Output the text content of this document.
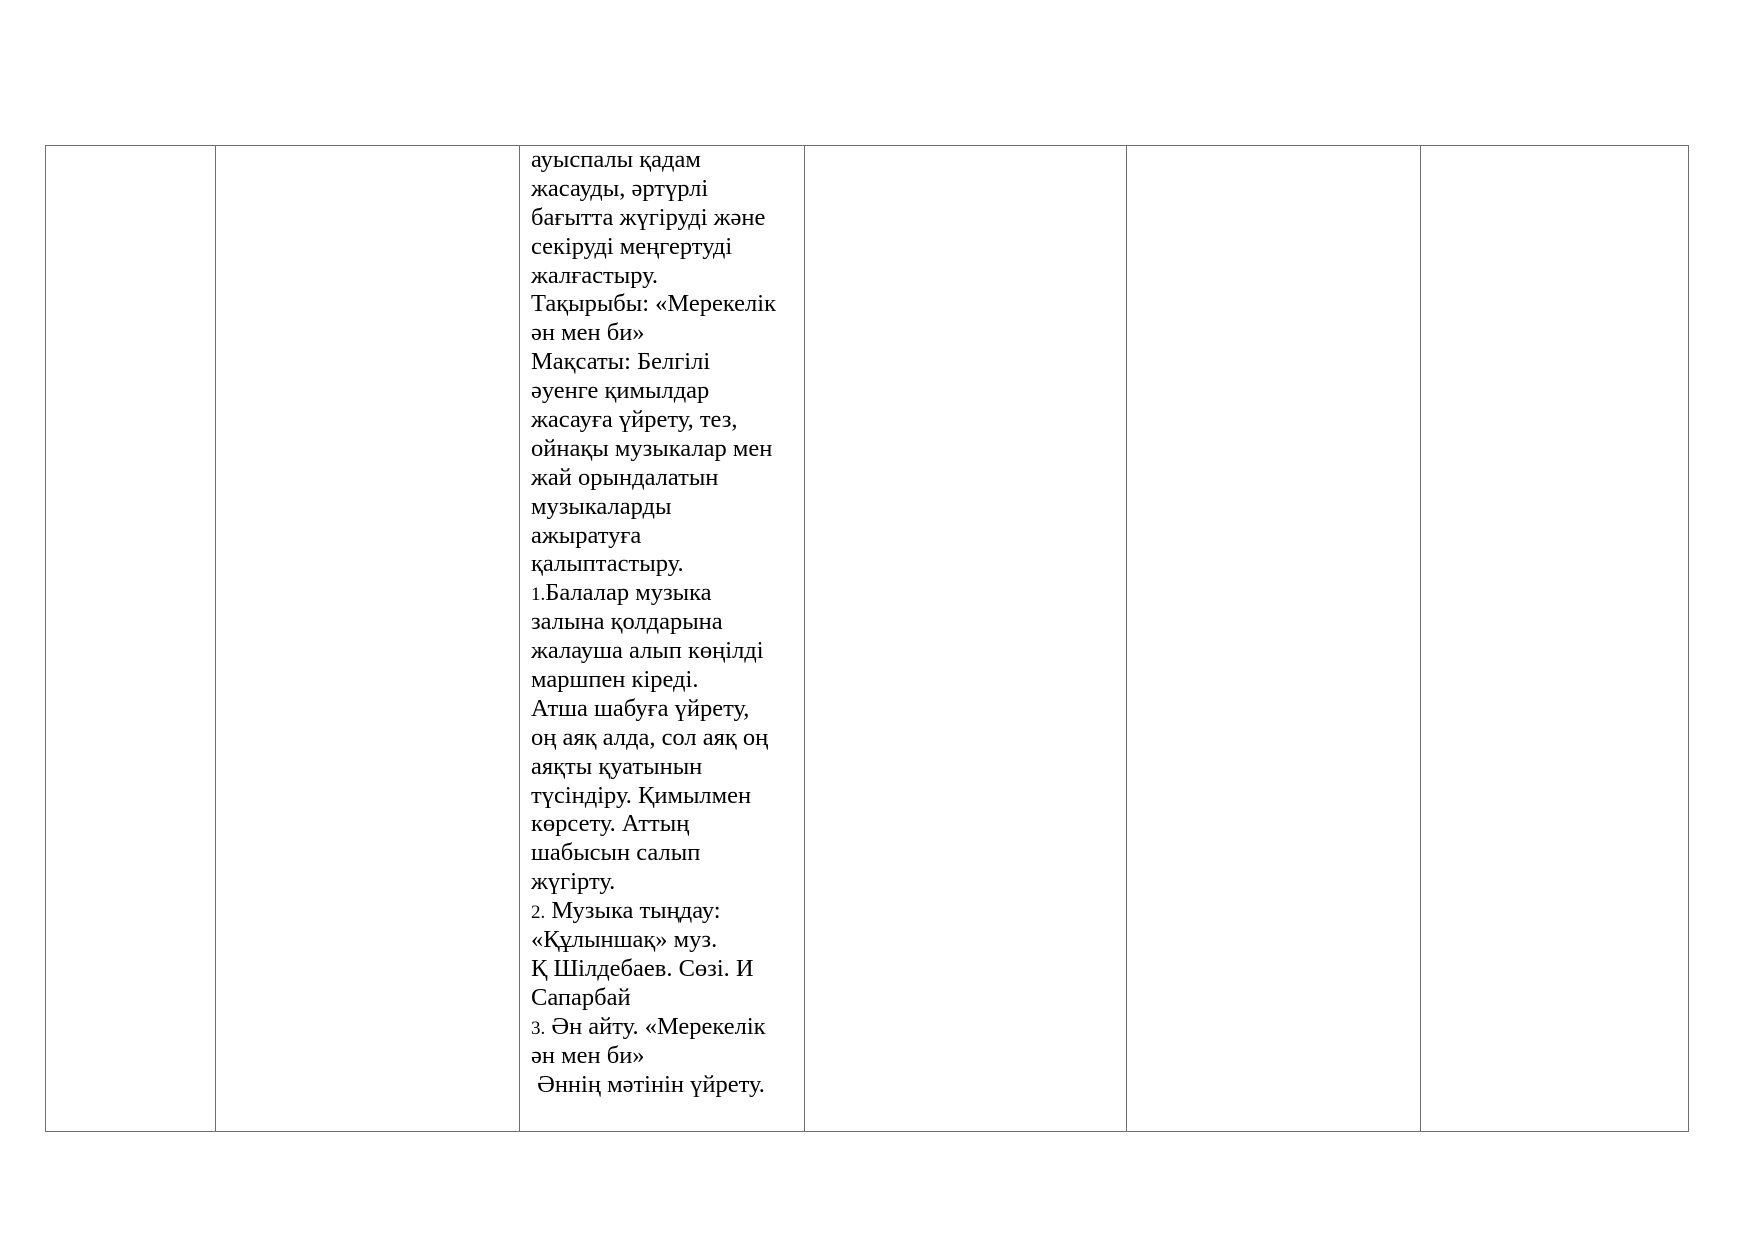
ауыспалы қадам
жасауды, әртүрлі
бағытта жүгіруді және
секіруді меңгертуді
жалғастыру.
Тақырыбы: «Мерекелік
ән мен би»
Мақсаты: Белгілі
әуенге қимылдар
жасауға үйрету, тез,
ойнақы музыкалар мен
жай орындалатын
музыкаларды
ажыратуға
қалыптастыру.
1.Балалар музыка
залына қолдарына
жалауша алып көңілді
маршпен кіреді.
Атша шабуға үйрету,
оң аяқ алда, сол аяқ оң
аяқты қуатынын
түсіндіру. Қимылмен
көрсету. Аттың
шабысын салып
жүгірту.
2. Музыка тыңдау:
«Құлыншақ» муз.
Қ Шілдебаев. Сөзі. И
Сапарбай
3. Ән айту. «Мерекелік
ән мен би»
Әннің мәтінін үйрету.
